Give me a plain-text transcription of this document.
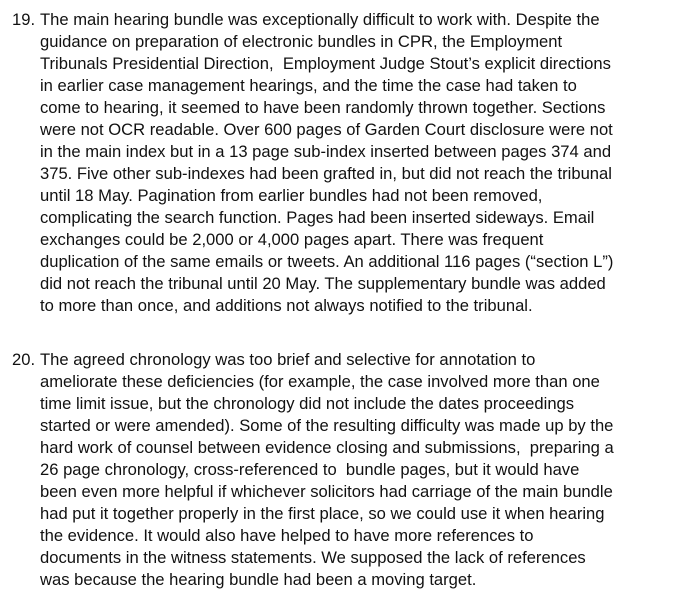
19. The main hearing bundle was exceptionally difficult to work with. Despite the
guidance on preparation of electronic bundles in CPR, the Employment
Tribunals Presidential Direction,  Employment Judge Stout’s explicit directions
in earlier case management hearings, and the time the case had taken to
come to hearing, it seemed to have been randomly thrown together. Sections
were not OCR readable. Over 600 pages of Garden Court disclosure were not
in the main index but in a 13 page sub-index inserted between pages 374 and
375. Five other sub-indexes had been grafted in, but did not reach the tribunal
until 18 May. Pagination from earlier bundles had not been removed,
complicating the search function. Pages had been inserted sideways. Email
exchanges could be 2,000 or 4,000 pages apart. There was frequent
duplication of the same emails or tweets. An additional 116 pages (“section L”)
did not reach the tribunal until 20 May. The supplementary bundle was added
to more than once, and additions not always notified to the tribunal.
20. The agreed chronology was too brief and selective for annotation to
ameliorate these deficiencies (for example, the case involved more than one
time limit issue, but the chronology did not include the dates proceedings
started or were amended). Some of the resulting difficulty was made up by the
hard work of counsel between evidence closing and submissions,  preparing a
26 page chronology, cross-referenced to  bundle pages, but it would have
been even more helpful if whichever solicitors had carriage of the main bundle
had put it together properly in the first place, so we could use it when hearing
the evidence. It would also have helped to have more references to
documents in the witness statements. We supposed the lack of references
was because the hearing bundle had been a moving target.
